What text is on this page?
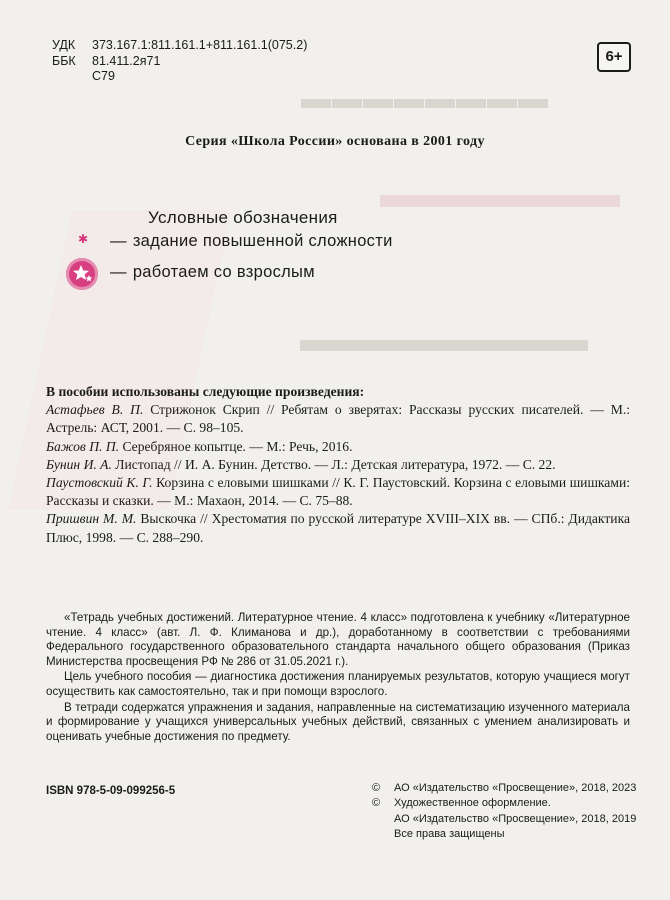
▬▬▬▬▬▬▬▬
▬▬▬▬▬▬
▬▬▬▬▬▬▬▬
УДК	373.167.1:811.161.1+811.161.1(075.2)
ББК	81.411.2я71
С79
6+
Серия «Школа России» основана в 2001 году
Условные обозначения
✱ — задание повышенной сложности
— работаем со взрослым

В пособии использованы следующие произведения:

Астафьев В. П. Стрижонок Скрип // Ребятам о зверятах: Рассказы русских писателей. — М.: Астрель: АСТ, 2001. — С. 98–105.

Бажов П. П. Серебряное копытце. — М.: Речь, 2016.

Бунин И. А. Листопад // И. А. Бунин. Детство. — Л.: Детская литература, 1972. — С. 22.

Паустовский К. Г. Корзина с еловыми шишками // К. Г. Паустовский. Корзина с еловыми шишками: Рассказы и сказки. — М.: Махаон, 2014. — С. 75–88.

Пришвин М. М. Выскочка // Хрестоматия по русской литературе XVIII–XIX вв. — СПб.: Дидактика Плюс, 1998. — С. 288–290.

«Тетрадь учебных достижений. Литературное чтение. 4 класс» подготовлена к учебнику «Литературное чтение. 4 класс» (авт. Л. Ф. Климанова и др.), доработанному в соответствии с требованиями Федерального государственного образовательного стандарта начального общего образования (Приказ Министерства просвещения РФ № 286 от 31.05.2021 г.).

Цель учебного пособия — диагностика достижения планируемых результатов, которую учащиеся могут осуществить как самостоятельно, так и при помощи взрослого.

В тетради содержатся упражнения и задания, направленные на систематизацию изученного материала и формирование у учащихся универсальных учебных действий, связанных с умением анализировать и оценивать учебные достижения по предмету.

ISBN 978-5-09-099256-5	©	АО «Издательство «Просвещение», 2018, 2023
©	Художественное оформление.
АО «Издательство «Просвещение», 2018, 2019
Все права защищены
